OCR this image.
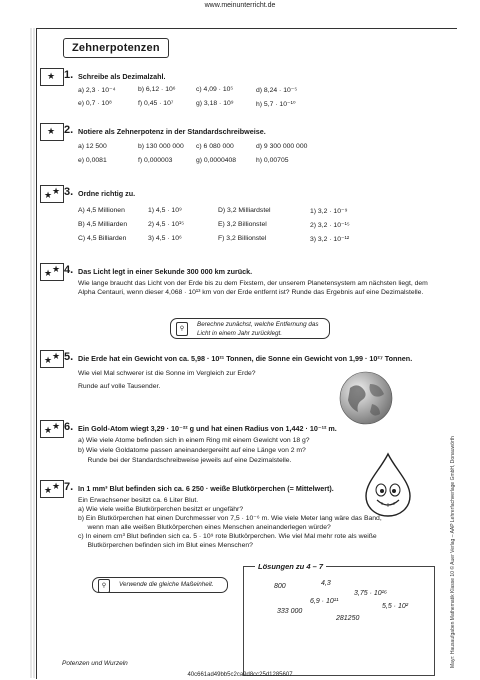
www.meinunterricht.de
Zehnerpotenzen
★ 1. Schreibe als Dezimalzahl.
a) 2,3 · 10⁻⁴	b) 6,12 · 10⁶	c) 4,09 · 10⁵	d) 8,24 · 10⁻⁵
e) 0,7 · 10⁸	f) 0,45 · 10⁷	g) 3,18 · 10⁹	h) 5,7 · 10⁻¹⁰
★ 2. Notiere als Zehnerpotenz in der Standardschreibweise.
a) 12 500	b) 130 000 000 c) 6 080 000	d) 9 300 000 000
e) 0,0081	f) 0,000003	g) 0,0000408	h) 0,00705
★ ★ 3. Ordne richtig zu.
A) 4,5 Millionen	1) 4,5 · 10⁹	D) 3,2 Milliardstel	1) 3,2 · 10⁻⁹
B) 4,5 Milliarden	2) 4,5 · 10¹⁵	E) 3,2 Billionstel	2) 3,2 · 10⁻¹⁵
C) 4,5 Billiarden	3) 4,5 · 10⁶	F) 3,2 Billionstel	3) 3,2 · 10⁻¹²
★ ★ 4. Das Licht legt in einer Sekunde 300 000 km zurück.
Wie lange braucht das Licht von der Erde bis zu dem Fixstern, der unserem Planetensystem am nächsten liegt, dem Alpha Centauri, wenn dieser 4,068 · 10¹³ km von der Erde entfernt ist? Runde das Ergebnis auf eine Dezimalstelle.
Berechne zunächst, welche Entfernung das Licht in einem Jahr zurücklegt.
⚲
★ ★ 5. Die Erde hat ein Gewicht von ca. 5,98 · 10²¹ Tonnen, die Sonne ein Gewicht von 1,99 · 10²⁷ Tonnen.
Wie viel Mal schwerer ist die Sonne im Vergleich zur Erde?
Runde auf volle Tausender.
★ ★ 6. Ein Gold-Atom wiegt 3,29 · 10⁻²² g und hat einen Radius von 1,442 · 10⁻¹² m.
a) Wie viele Atome befinden sich in einem Ring mit einem Gewicht von 18 g?
b) Wie viele Goldatome passen aneinandergereiht auf eine Länge von 2 m?
Runde bei der Standardschreibweise jeweils auf eine Dezimalstelle.
★ ★ 7. In 1 mm³ Blut befinden sich ca. 6 250 · weiße Blutkörperchen (= Mittelwert).
Ein Erwachsener besitzt ca. 6 Liter Blut.
a) Wie viele weiße Blutkörperchen besitzt er ungefähr?
b) Ein Blutkörperchen hat einen Durchmesser von 7,5 · 10⁻⁶ m. Wie viele Meter lang wäre das Band,
wenn man alle weißen Blutkörperchen eines Menschen aneinanderlegen würde?
c) In einem cm³ Blut befinden sich ca. 5 · 10⁹ rote Blutkörperchen. Wie viel Mal mehr rote als weiße
Blutkörperchen befinden sich im Blut eines Menschen?
Verwende die gleiche Maßeinheit.
⚲
Lösungen zu 4 – 7
800	4,3
3,75 · 10¹⁶
6,9 · 10¹¹
5,5 · 10²
333 000
281250
Potenzen und Wurzeln	Mayr: Hausaufgaben Mathematik Klasse 10 © Auer Verlag – AAP Lehrerfachverlage GmbH, Donauwörth
40c661ad49bb5c2ca9d8cc25d1285607
